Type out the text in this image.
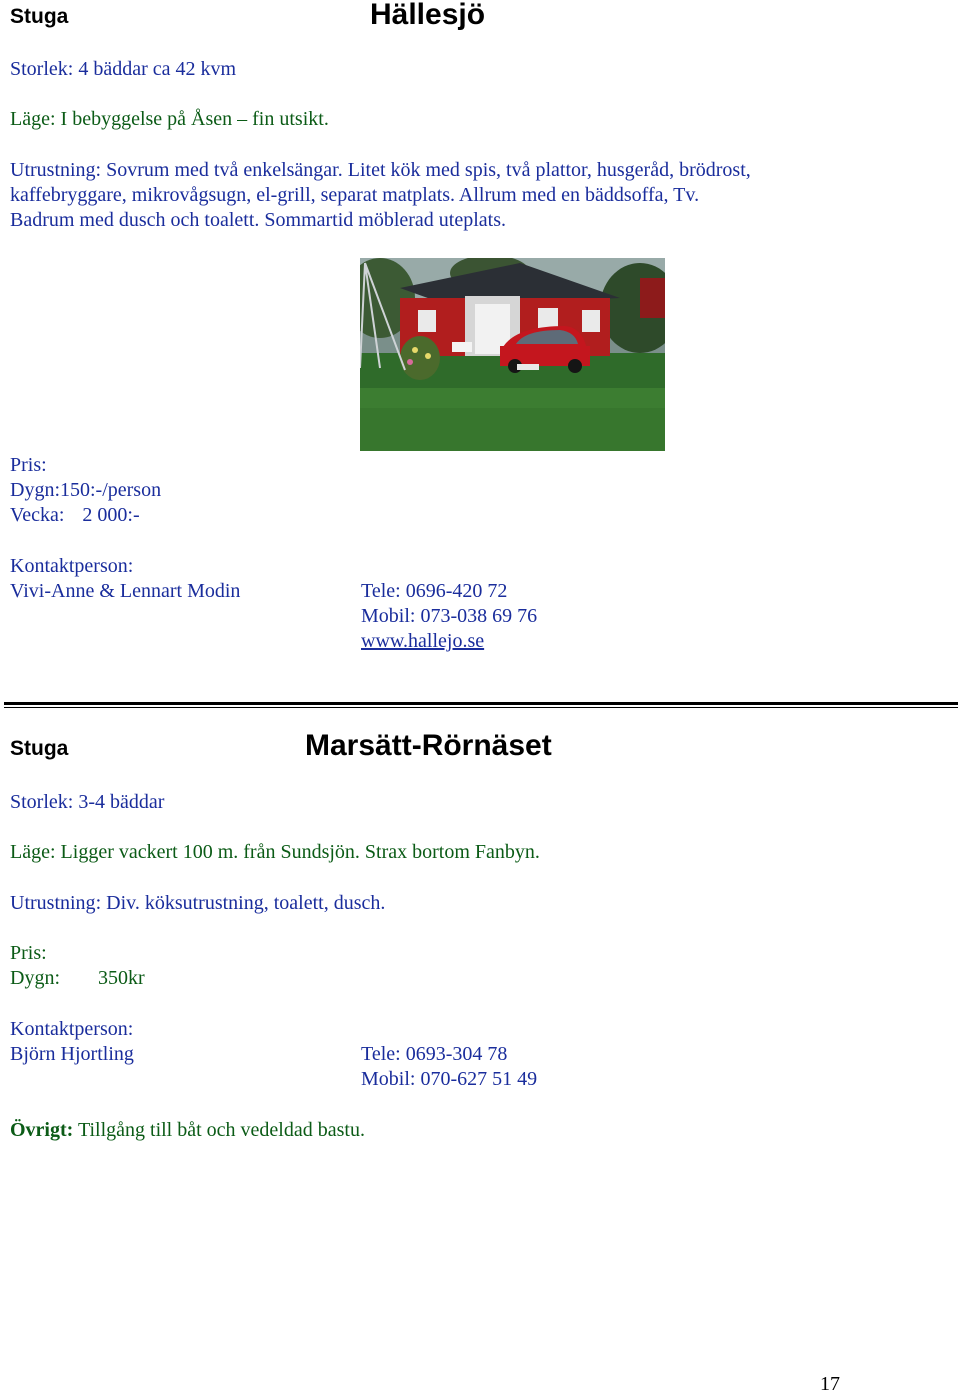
Stuga	Hällesjö
Storlek: 4 bäddar ca 42 kvm
Läge: I bebyggelse på Åsen – fin utsikt.
Utrustning: Sovrum med två enkelsängar. Litet kök med spis, två plattor, husgeråd, brödrost,
kaffebryggare, mikrovågsugn, el-grill, separat matplats. Allrum med en bäddsoffa, Tv.
Badrum med dusch och toalett. Sommartid möblerad uteplats.
Pris:
Dygn:150:-/person
Vecka: 2 000:-
Kontaktperson:
Vivi-Anne & Lennart Modin	Tele: 0696-420 72
Mobil: 073-038 69 76
www.hallejo.se
Stuga	Marsätt-Rörnäset
Storlek: 3-4 bäddar
Läge: Ligger vackert 100 m. från Sundsjön. Strax bortom Fanbyn.
Utrustning: Div. köksutrustning, toalett, dusch.
Pris:
Dygn: 350kr
Kontaktperson:
Björn Hjortling	Tele: 0693-304 78
Mobil: 070-627 51 49
Övrigt: Tillgång till båt och vedeldad bastu.
17
